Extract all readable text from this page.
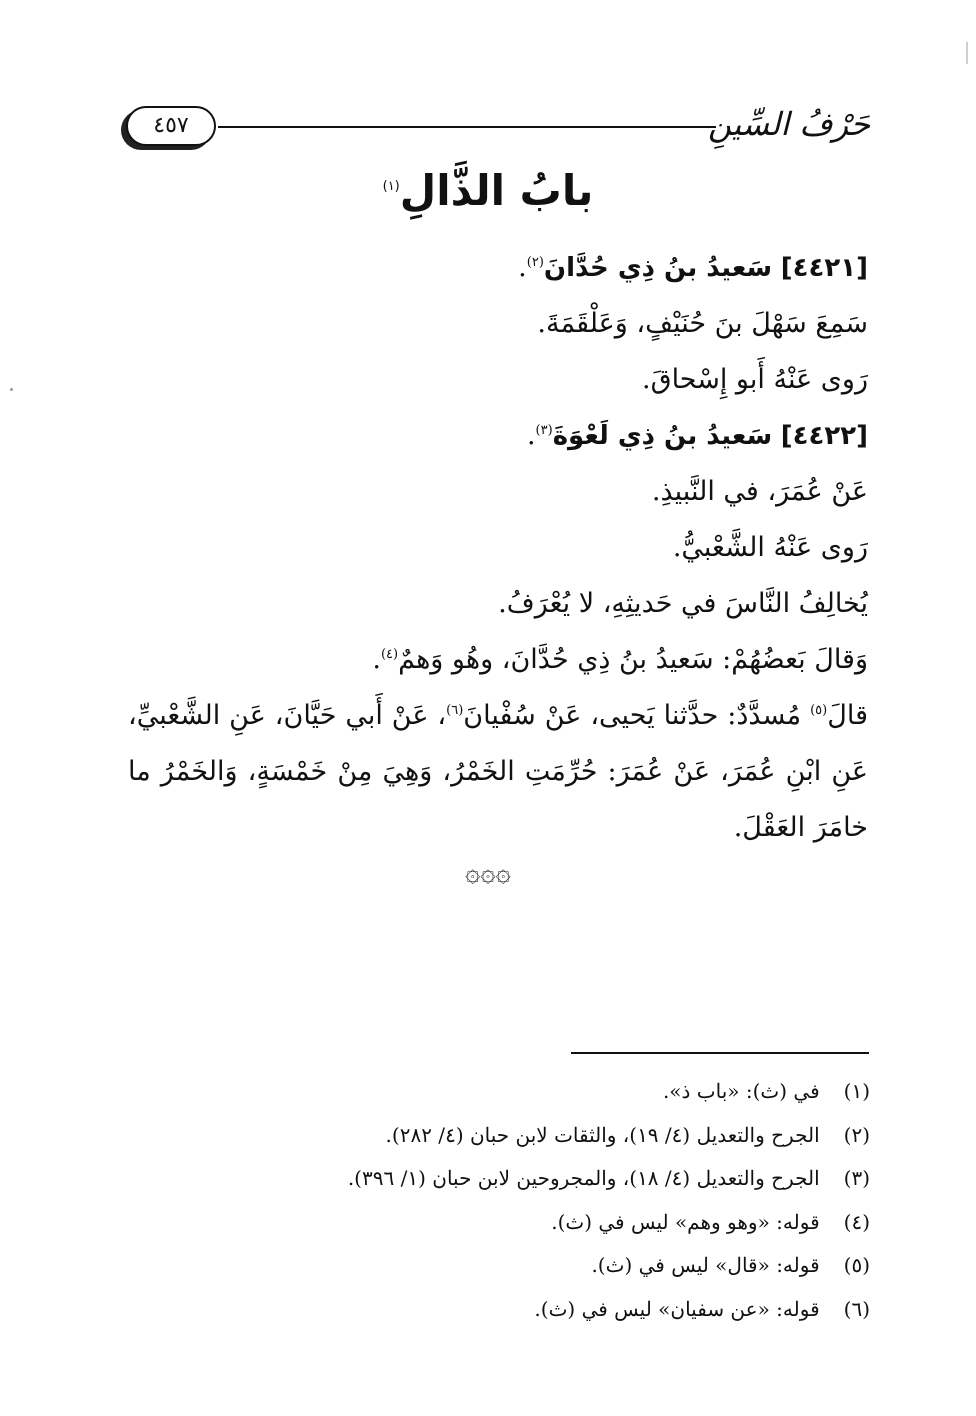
حَرْفُ السِّينِ
٤٥٧
بابُ الذَّالِ$^{(١)}$

[٤٤٢١] سَعيدُ بنُ ذِي حُدَّانَ$^{(٢)}$.

سَمِعَ سَهْلَ بنَ حُنَيْفٍ، وَعَلْقَمَةَ.

رَوى عَنْهُ أَبو إِسْحاقَ.

[٤٤٢٢] سَعيدُ بنُ ذِي لَعْوَةَ$^{(٣)}$.

عَنْ عُمَرَ، في النَّبيذِ.

رَوى عَنْهُ الشَّعْبيُّ.

يُخالِفُ النَّاسَ في حَديثِهِ، لا يُعْرَفُ.

وَقالَ بَعضُهُمْ: سَعيدُ بنُ ذِي حُدَّانَ، وهُو وَهمٌ$^{(٤)}$.

قالَ$^{(٥)}$ مُسدَّدٌ: حدَّثنا يَحيى، عَنْ سُفْيانَ$^{(٦)}$، عَنْ أَبي حَيَّانَ، عَنِ الشَّعْبيِّ، عَنِ ابْنِ عُمَرَ، عَنْ عُمَرَ: حُرِّمَتِ الخَمْرُ، وَهِيَ مِنْ خَمْسَةٍ، وَالخَمْرُ ما خامَرَ العَقْلَ.

۞۞۞

(١) في (ث): «باب ذ».

(٢) الجرح والتعديل (٤/ ١٩)، والثقات لابن حبان (٤/ ٢٨٢).

(٣) الجرح والتعديل (٤/ ١٨)، والمجروحين لابن حبان (١/ ٣٩٦).

(٤) قوله: «وهو وهم» ليس في (ث).

(٥) قوله: «قال» ليس في (ث).

(٦) قوله: «عن سفيان» ليس في (ث).
